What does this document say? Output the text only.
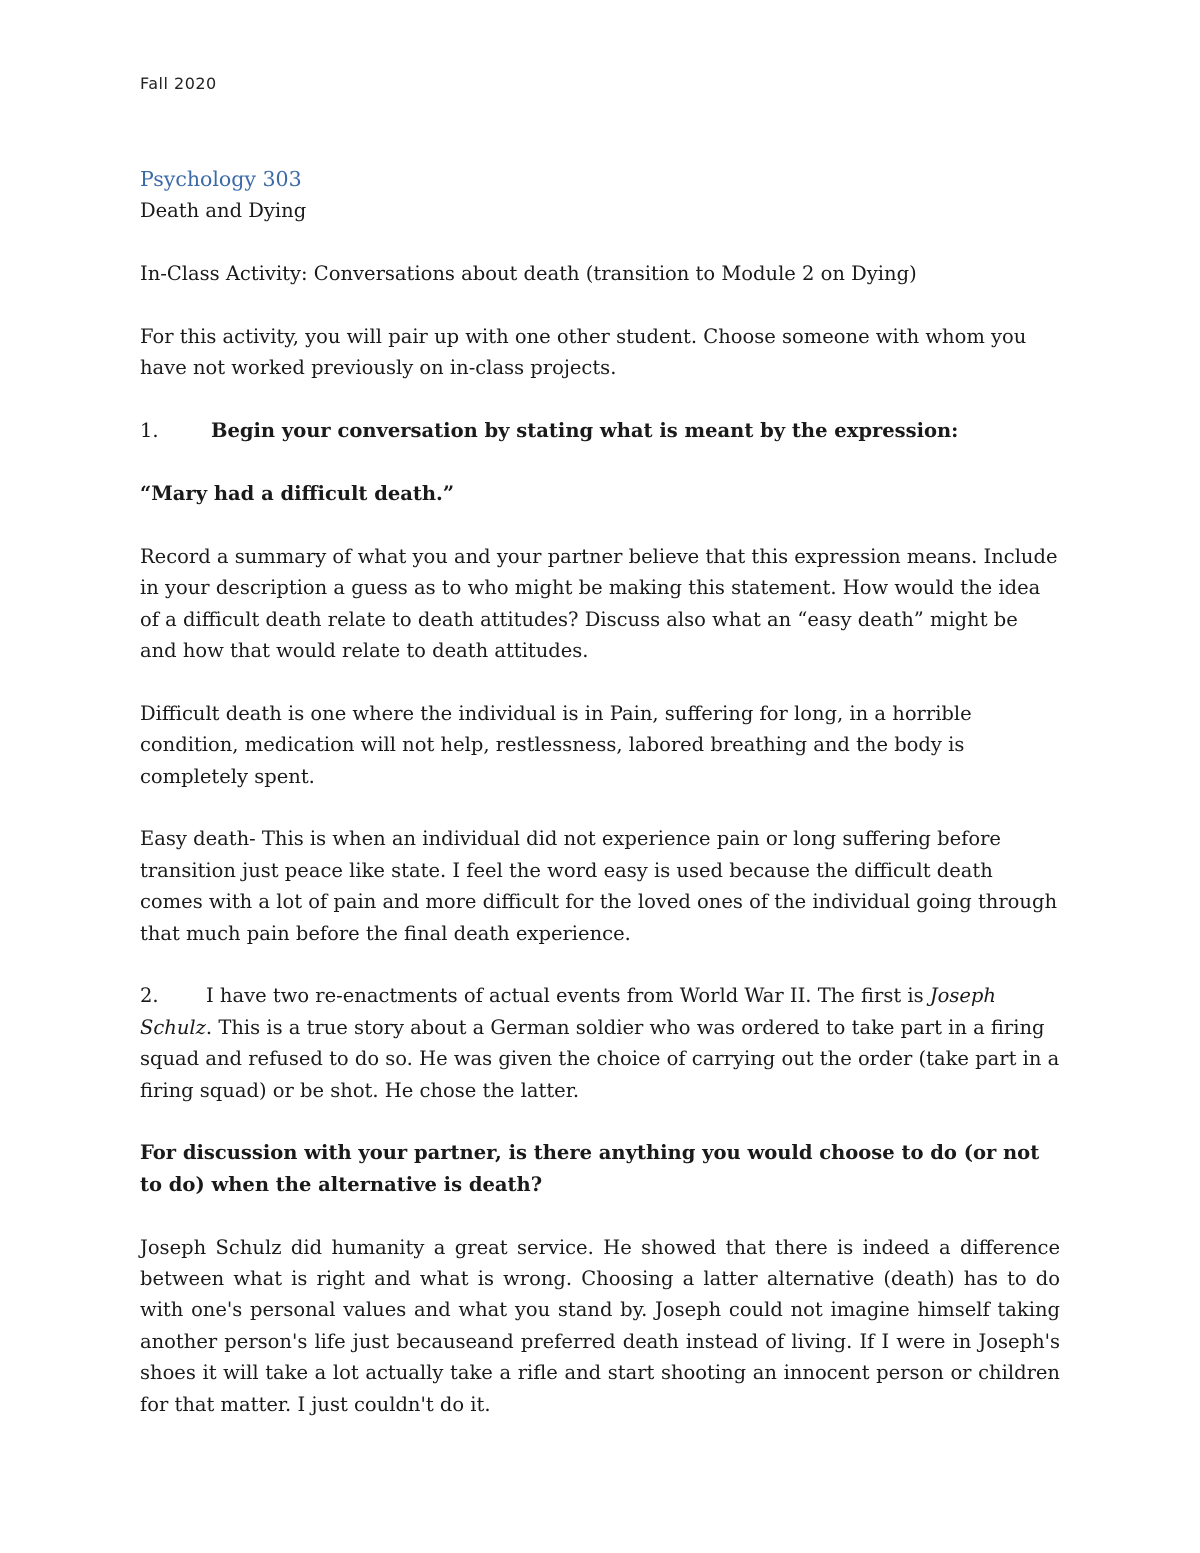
Fall 2020

Psychology 303

Death and Dying

In-Class Activity: Conversations about death (transition to Module 2 on Dying)

For this activity, you will pair up with one other student. Choose someone with whom you have not worked previously on in-class projects.

1.	Begin your conversation by stating what is meant by the expression:

“Mary had a difficult death.”

Record a summary of what you and your partner believe that this expression means. Include in your description a guess as to who might be making this statement. How would the idea of a difficult death relate to death attitudes? Discuss also what an “easy death” might be and how that would relate to death attitudes.

Difficult death is one where the individual is in Pain, suffering for long, in a horrible condition, medication will not help, restlessness, labored breathing and the body is completely spent.

Easy death- This is when an individual did not experience pain or long suffering before transition just peace like state. I feel the word easy is used because the difficult death comes with a lot of pain and more difficult for the loved ones of the individual going through that much pain before the final death experience.

2. I have two re-enactments of actual events from World War II. The first is Joseph Schulz. This is a true story about a German soldier who was ordered to take part in a firing squad and refused to do so. He was given the choice of carrying out the order (take part in a firing squad) or be shot. He chose the latter.

For discussion with your partner, is there anything you would choose to do (or not to do) when the alternative is death?

Joseph Schulz did humanity a great service. He showed that there is indeed a difference between what is right and what is wrong. Choosing a latter alternative (death) has to do with one's personal values and what you stand by. Joseph could not imagine himself taking another person's life just becauseand preferred death instead of living. If I were in Joseph's shoes it will take a lot actually take a rifle and start shooting an innocent person or children for that matter. I just couldn't do it.
